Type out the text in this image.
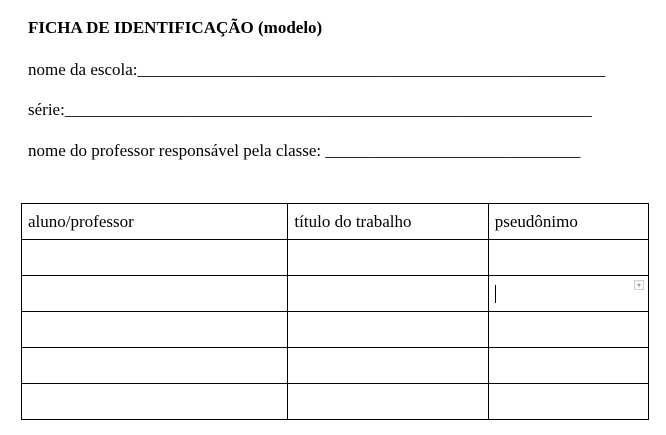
FICHA DE IDENTIFICAÇÃO (modelo)
nome da escola:_______________________________________________________
série:______________________________________________________________
nome do professor responsável pela classe: ______________________________
aluno/professor	título do trabalho	pseudônimo
